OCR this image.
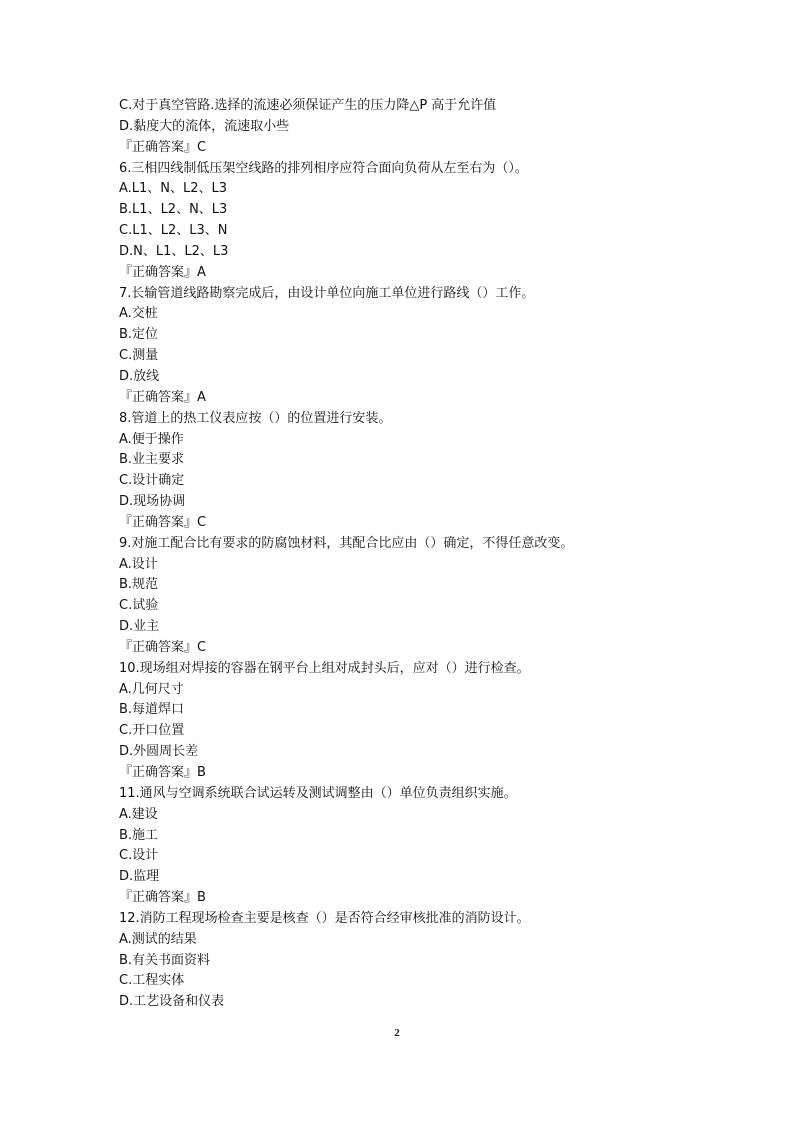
C.对于真空管路.选择的流速必须保证产生的压力降△P 高于允许值
D.黏度大的流体，流速取小些
『正确答案』C
6.三相四线制低压架空线路的排列相序应符合面向负荷从左至右为（）。
A.L1、N、L2、L3
B.L1、L2、N、L3
C.L1、L2、L3、N
D.N、L1、L2、L3
『正确答案』A
7.长输管道线路勘察完成后，由设计单位向施工单位进行路线（）工作。
A.交桩
B.定位
C.测量
D.放线
『正确答案』A
8.管道上的热工仪表应按（）的位置进行安装。
A.便于操作
B.业主要求
C.设计确定
D.现场协调
『正确答案』C
9.对施工配合比有要求的防腐蚀材料，其配合比应由（）确定，不得任意改变。
A.设计
B.规范
C.试验
D.业主
『正确答案』C
10.现场组对焊接的容器在钢平台上组对成封头后，应对（）进行检查。
A.几何尺寸
B.每道焊口
C.开口位置
D.外圆周长差
『正确答案』B
11.通风与空调系统联合试运转及测试调整由（）单位负责组织实施。
A.建设
B.施工
C.设计
D.监理
『正确答案』B
12.消防工程现场检查主要是核查（）是否符合经审核批准的消防设计。
A.测试的结果
B.有关书面资料
C.工程实体
D.工艺设备和仪表
2
